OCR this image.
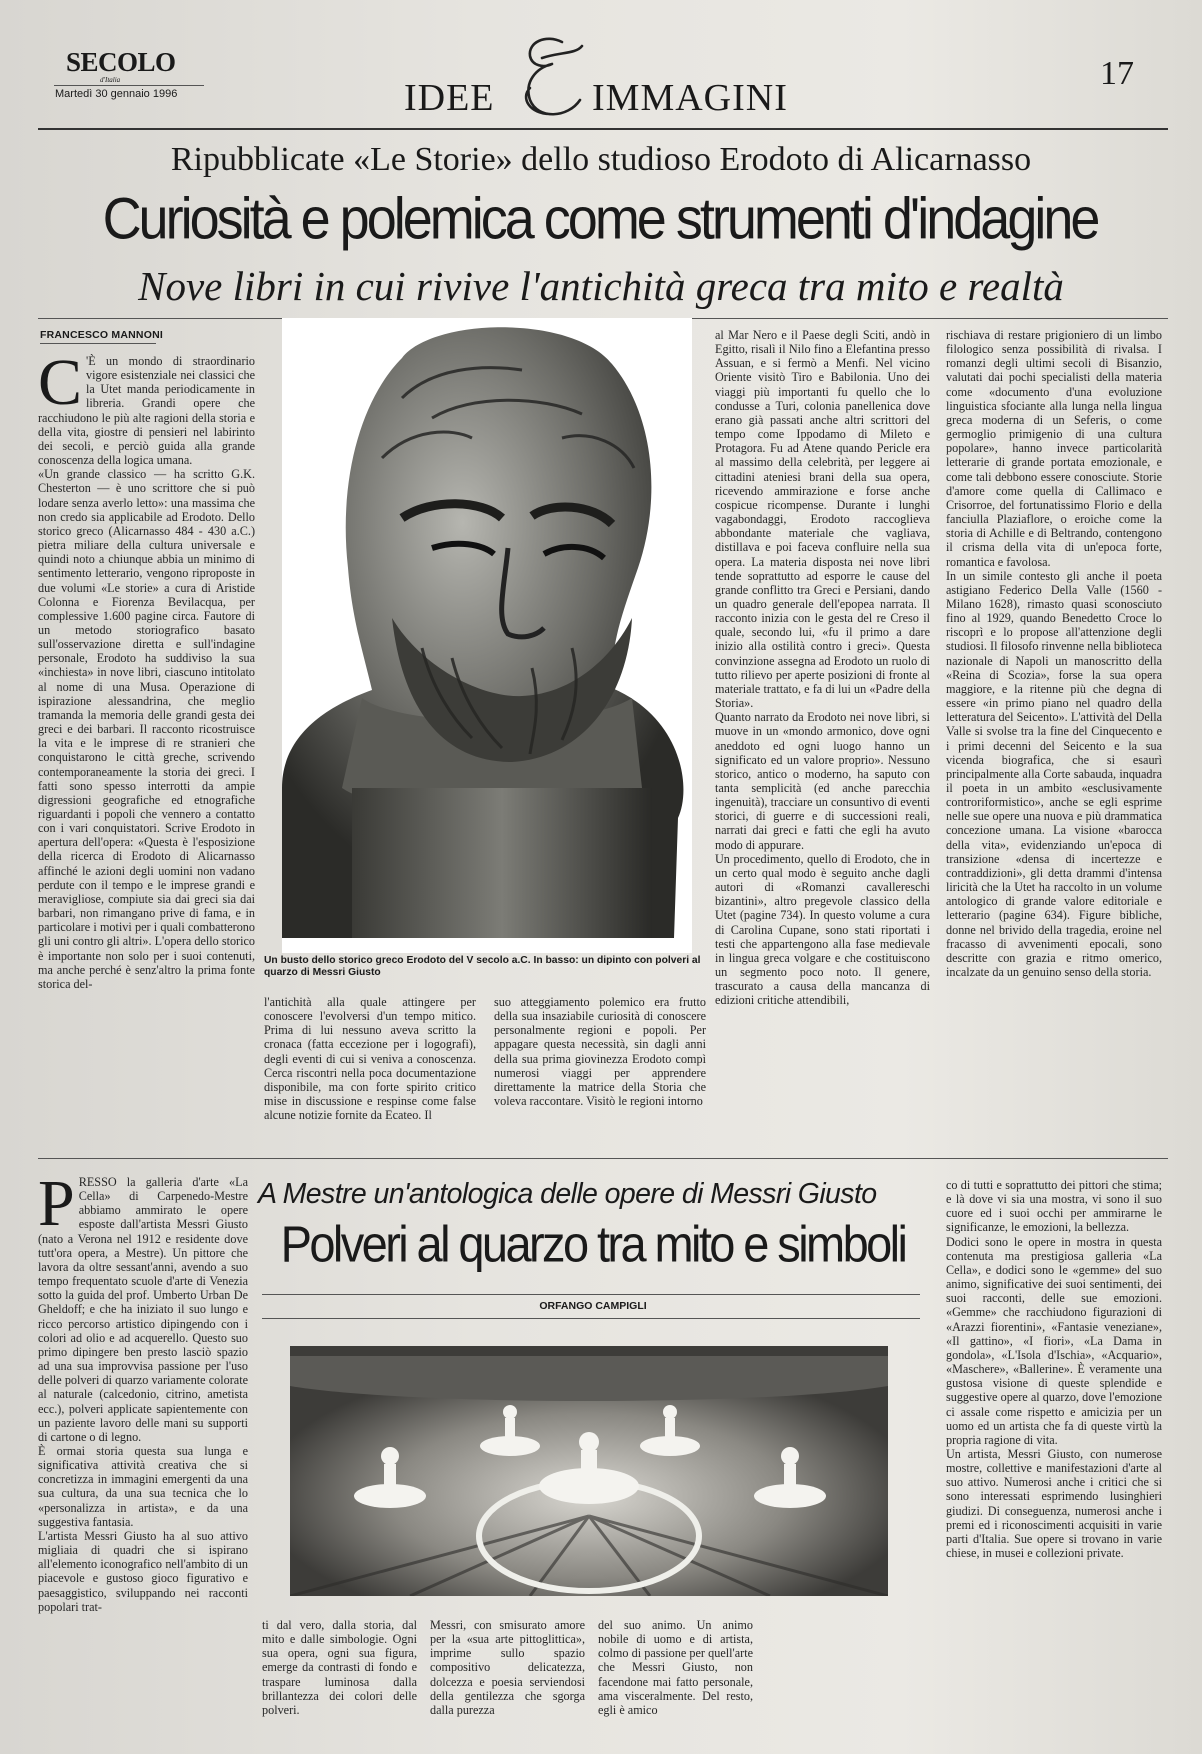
SECOLO
d'Italia
Martedì 30 gennaio 1996	IDEE	IMMAGINI
17
Ripubblicate «Le Storie» dello studioso Erodoto di Alicarnasso
Curiosità e polemica come strumenti d'indagine
Nove libri in cui rivive l'antichità greca tra mito e realtà
FRANCESCO MANNONI
C 'È un mondo di straordinario vigore esistenziale nei classici che la Utet manda periodicamente in libreria. Grandi opere che racchiudono le più alte ragioni della storia e della vita, giostre di pensieri nel labirinto dei secoli, e perciò guida alla grande conoscenza della logica umana.
«Un grande classico — ha scritto G.K. Chesterton — è uno scrittore che si può lodare senza averlo letto»: una massima che non credo sia applicabile ad Erodoto. Dello storico greco (Alicarnasso 484 - 430 a.C.) pietra miliare della cultura universale e quindi noto a chiunque abbia un minimo di sentimento letterario, vengono riproposte in due volumi «Le storie» a cura di Aristide Colonna e Fiorenza Bevilacqua, per complessive 1.600 pagine circa. Fautore di un metodo storiografico basato sull'osservazione diretta e sull'indagine personale, Erodoto ha suddiviso la sua «inchiesta» in nove libri, ciascuno intitolato al nome di una Musa. Operazione di ispirazione alessandrina, che meglio tramanda la memoria delle grandi gesta dei greci e dei barbari. Il racconto ricostruisce la vita e le imprese di re stranieri che conquistarono le città greche, scrivendo contemporaneamente la storia dei greci. I fatti sono spesso interrotti da ampie digressioni geografiche ed etnografiche riguardanti i popoli che vennero a contatto con i vari conquistatori. Scrive Erodoto in apertura dell'opera: «Questa è l'esposizione della ricerca di Erodoto di Alicarnasso affinché le azioni degli uomini non vadano perdute con il tempo e le imprese grandi e meravigliose, compiute sia dai greci sia dai barbari, non rimangano prive di fama, e in particolare i motivi per i quali combatterono gli uni contro gli altri». L'opera dello storico è importante non solo per i suoi contenuti, ma anche perché è senz'altro la prima fonte storica del-
Un busto dello storico greco Erodoto del V secolo a.C. In basso: un dipinto con polveri al quarzo di Messri Giusto
l'antichità alla quale attingere per conoscere l'evolversi d'un tempo mitico. Prima di lui nessuno aveva scritto la cronaca (fatta eccezione per i logografi), degli eventi di cui si veniva a conoscenza. Cerca riscontri nella poca documentazione disponibile, ma con forte spirito critico mise in discussione e respinse come false alcune notizie fornite da Ecateo. Il
suo atteggiamento polemico era frutto della sua insaziabile curiosità di conoscere personalmente regioni e popoli. Per appagare questa necessità, sin dagli anni della sua prima giovinezza Erodoto compì numerosi viaggi per apprendere direttamente la matrice della Storia che voleva raccontare. Visitò le regioni intorno
al Mar Nero e il Paese degli Sciti, andò in Egitto, risalì il Nilo fino a Elefantina presso Assuan, e si fermò a Menfi. Nel vicino Oriente visitò Tiro e Babilonia. Uno dei viaggi più importanti fu quello che lo condusse a Turi, colonia panellenica dove erano già passati anche altri scrittori del tempo come Ippodamo di Mileto e Protagora. Fu ad Atene quando Pericle era al massimo della celebrità, per leggere ai cittadini ateniesi brani della sua opera, ricevendo ammirazione e forse anche cospicue ricompense. Durante i lunghi vagabondaggi, Erodoto raccoglieva abbondante materiale che vagliava, distillava e poi faceva confluire nella sua opera. La materia disposta nei nove libri tende soprattutto ad esporre le cause del grande conflitto tra Greci e Persiani, dando un quadro generale dell'epopea narrata. Il racconto inizia con le gesta del re Creso il quale, secondo lui, «fu il primo a dare inizio alla ostilità contro i greci». Questa convinzione assegna ad Erodoto un ruolo di tutto rilievo per aperte posizioni di fronte al materiale trattato, e fa di lui un «Padre della Storia».
Quanto narrato da Erodoto nei nove libri, si muove in un «mondo armonico, dove ogni aneddoto ed ogni luogo hanno un significato ed un valore proprio». Nessuno storico, antico o moderno, ha saputo con tanta semplicità (ed anche parecchia ingenuità), tracciare un consuntivo di eventi storici, di guerre e di successioni reali, narrati dai greci e fatti che egli ha avuto modo di appurare.
Un procedimento, quello di Erodoto, che in un certo qual modo è seguito anche dagli autori di «Romanzi cavallereschi bizantini», altro pregevole classico della Utet (pagine 734). In questo volume a cura di Carolina Cupane, sono stati riportati i testi che appartengono alla fase medievale in lingua greca volgare e che costituiscono un segmento poco noto. Il genere, trascurato a causa della mancanza di edizioni critiche attendibili,
rischiava di restare prigioniero di un limbo filologico senza possibilità di rivalsa. I romanzi degli ultimi secoli di Bisanzio, valutati dai pochi specialisti della materia come «documento d'una evoluzione linguistica sfociante alla lunga nella lingua greca moderna di un Seferis, o come germoglio primigenio di una cultura popolare», hanno invece particolarità letterarie di grande portata emozionale, e come tali debbono essere conosciute. Storie d'amore come quella di Callimaco e Crisorroe, del fortunatissimo Florio e della fanciulla Plaziaflore, o eroiche come la storia di Achille e di Beltrando, contengono il crisma della vita di un'epoca forte, romantica e favolosa.
In un simile contesto gli anche il poeta astigiano Federico Della Valle (1560 - Milano 1628), rimasto quasi sconosciuto fino al 1929, quando Benedetto Croce lo riscoprì e lo propose all'attenzione degli studiosi. Il filosofo rinvenne nella biblioteca nazionale di Napoli un manoscritto della «Reina di Scozia», forse la sua opera maggiore, e la ritenne più che degna di essere «in primo piano nel quadro della letteratura del Seicento». L'attività del Della Valle si svolse tra la fine del Cinquecento e i primi decenni del Seicento e la sua vicenda biografica, che si esaurì principalmente alla Corte sabauda, inquadra il poeta in un ambito «esclusivamente controriformistico», anche se egli esprime nelle sue opere una nuova e più drammatica concezione umana. La visione «barocca della vita», evidenziando un'epoca di transizione «densa di incertezze e contraddizioni», gli detta drammi d'intensa liricità che la Utet ha raccolto in un volume antologico di grande valore editoriale e letterario (pagine 634). Figure bibliche, donne nel brivido della tragedia, eroine nel fracasso di avvenimenti epocali, sono descritte con grazia e ritmo omerico, incalzate da un genuino senso della storia.
P RESSO la galleria d'arte «La Cella» di Carpenedo-Mestre abbiamo ammirato le opere esposte dall'artista Messri Giusto (nato a Verona nel 1912 e residente dove tutt'ora opera, a Mestre). Un pittore che lavora da oltre sessant'anni, avendo a suo tempo frequentato scuole d'arte di Venezia sotto la guida del prof. Umberto Urban De Gheldoff; e che ha iniziato il suo lungo e ricco percorso artistico dipingendo con i colori ad olio e ad acquerello. Questo suo primo dipingere ben presto lasciò spazio ad una sua improvvisa passione per l'uso delle polveri di quarzo variamente colorate al naturale (calcedonio, citrino, ametista ecc.), polveri applicate sapientemente con un paziente lavoro delle mani su supporti di cartone o di legno.
È ormai storia questa sua lunga e significativa attività creativa che si concretizza in immagini emergenti da una sua cultura, da una sua tecnica che lo «personalizza in artista», e da una suggestiva fantasia.
L'artista Messri Giusto ha al suo attivo migliaia di quadri che si ispirano all'elemento iconografico nell'ambito di un piacevole e gustoso gioco figurativo e paesaggistico, sviluppando nei racconti popolari trat-
A Mestre un'antologica delle opere di Messri Giusto
Polveri al quarzo tra mito e simboli
ORFANGO CAMPIGLI
ti dal vero, dalla storia, dal mito e dalle simbologie. Ogni sua opera, ogni sua figura, emerge da contrasti di fondo e traspare luminosa dalla brillantezza dei colori delle polveri.
Messri, con smisurato amore per la «sua arte pittoglittica», imprime sullo spazio compositivo delicatezza, dolcezza e poesia serviendosi della gentilezza che sgorga dalla purezza
del suo animo. Un animo nobile di uomo e di artista, colmo di passione per quell'arte che Messri Giusto, non facendone mai fatto personale, ama visceralmente. Del resto, egli è amico
co di tutti e soprattutto dei pittori che stima; e là dove vi sia una mostra, vi sono il suo cuore ed i suoi occhi per ammirarne le significanze, le emozioni, la bellezza.
Dodici sono le opere in mostra in questa contenuta ma prestigiosa galleria «La Cella», e dodici sono le «gemme» del suo animo, significative dei suoi sentimenti, dei suoi racconti, delle sue emozioni. «Gemme» che racchiudono figurazioni di «Arazzi fiorentini», «Fantasie veneziane», «Il gattino», «I fiori», «La Dama in gondola», «L'Isola d'Ischia», «Acquario», «Maschere», «Ballerine». È veramente una gustosa visione di queste splendide e suggestive opere al quarzo, dove l'emozione ci assale come rispetto e amicizia per un uomo ed un artista che fa di queste virtù la propria ragione di vita.
Un artista, Messri Giusto, con numerose mostre, collettive e manifestazioni d'arte al suo attivo. Numerosi anche i critici che si sono interessati esprimendo lusinghieri giudizi. Di conseguenza, numerosi anche i premi ed i riconoscimenti acquisiti in varie parti d'Italia. Sue opere si trovano in varie chiese, in musei e collezioni private.
